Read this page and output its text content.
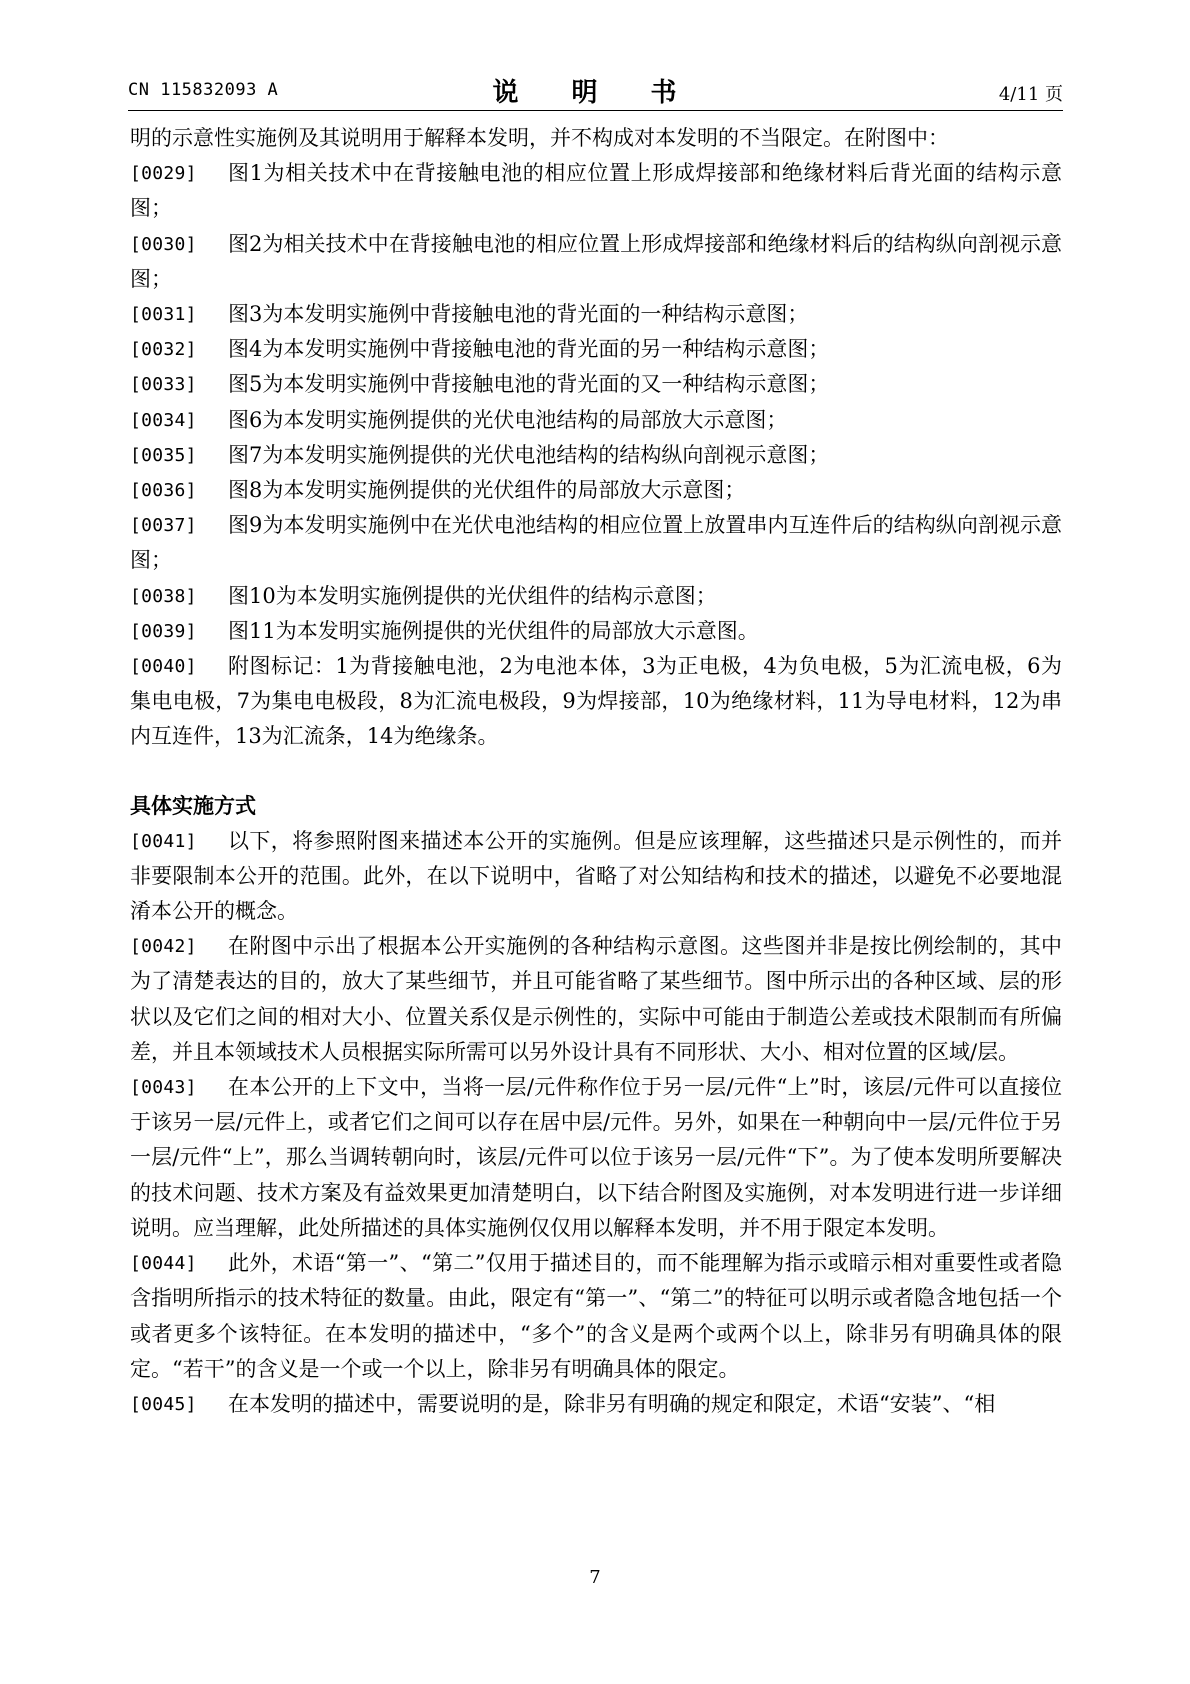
CN 115832093 A	说 明 书	4/11 页

明的示意性实施例及其说明用于解释本发明，并不构成对本发明的不当限定。在附图中：

[0029] 图1为相关技术中在背接触电池的相应位置上形成焊接部和绝缘材料后背光面的结构示意图；

[0030] 图2为相关技术中在背接触电池的相应位置上形成焊接部和绝缘材料后的结构纵向剖视示意图；

[0031] 图3为本发明实施例中背接触电池的背光面的一种结构示意图；

[0032] 图4为本发明实施例中背接触电池的背光面的另一种结构示意图；

[0033] 图5为本发明实施例中背接触电池的背光面的又一种结构示意图；

[0034] 图6为本发明实施例提供的光伏电池结构的局部放大示意图；

[0035] 图7为本发明实施例提供的光伏电池结构的结构纵向剖视示意图；

[0036] 图8为本发明实施例提供的光伏组件的局部放大示意图；

[0037] 图9为本发明实施例中在光伏电池结构的相应位置上放置串内互连件后的结构纵向剖视示意图；

[0038] 图10为本发明实施例提供的光伏组件的结构示意图；

[0039] 图11为本发明实施例提供的光伏组件的局部放大示意图。

[0040] 附图标记：1为背接触电池，2为电池本体，3为正电极，4为负电极，5为汇流电极，6为集电电极，7为集电电极段，8为汇流电极段，9为焊接部，10为绝缘材料，11为导电材料，12为串内互连件，13为汇流条，14为绝缘条。

具体实施方式

[0041] 以下，将参照附图来描述本公开的实施例。但是应该理解，这些描述只是示例性的，而并非要限制本公开的范围。此外，在以下说明中，省略了对公知结构和技术的描述，以避免不必要地混淆本公开的概念。

[0042] 在附图中示出了根据本公开实施例的各种结构示意图。这些图并非是按比例绘制的，其中为了清楚表达的目的，放大了某些细节，并且可能省略了某些细节。图中所示出的各种区域、层的形状以及它们之间的相对大小、位置关系仅是示例性的，实际中可能由于制造公差或技术限制而有所偏差，并且本领域技术人员根据实际所需可以另外设计具有不同形状、大小、相对位置的区域/层。

[0043] 在本公开的上下文中，当将一层/元件称作位于另一层/元件“上”时，该层/元件可以直接位于该另一层/元件上，或者它们之间可以存在居中层/元件。另外，如果在一种朝向中一层/元件位于另一层/元件“上”，那么当调转朝向时，该层/元件可以位于该另一层/元件“下”。为了使本发明所要解决的技术问题、技术方案及有益效果更加清楚明白，以下结合附图及实施例，对本发明进行进一步详细说明。应当理解，此处所描述的具体实施例仅仅用以解释本发明，并不用于限定本发明。

[0044] 此外，术语“第一”、“第二”仅用于描述目的，而不能理解为指示或暗示相对重要性或者隐含指明所指示的技术特征的数量。由此，限定有“第一”、“第二”的特征可以明示或者隐含地包括一个或者更多个该特征。在本发明的描述中，“多个”的含义是两个或两个以上，除非另有明确具体的限定。“若干”的含义是一个或一个以上，除非另有明确具体的限定。

[0045] 在本发明的描述中，需要说明的是，除非另有明确的规定和限定，术语“安装”、“相

7
